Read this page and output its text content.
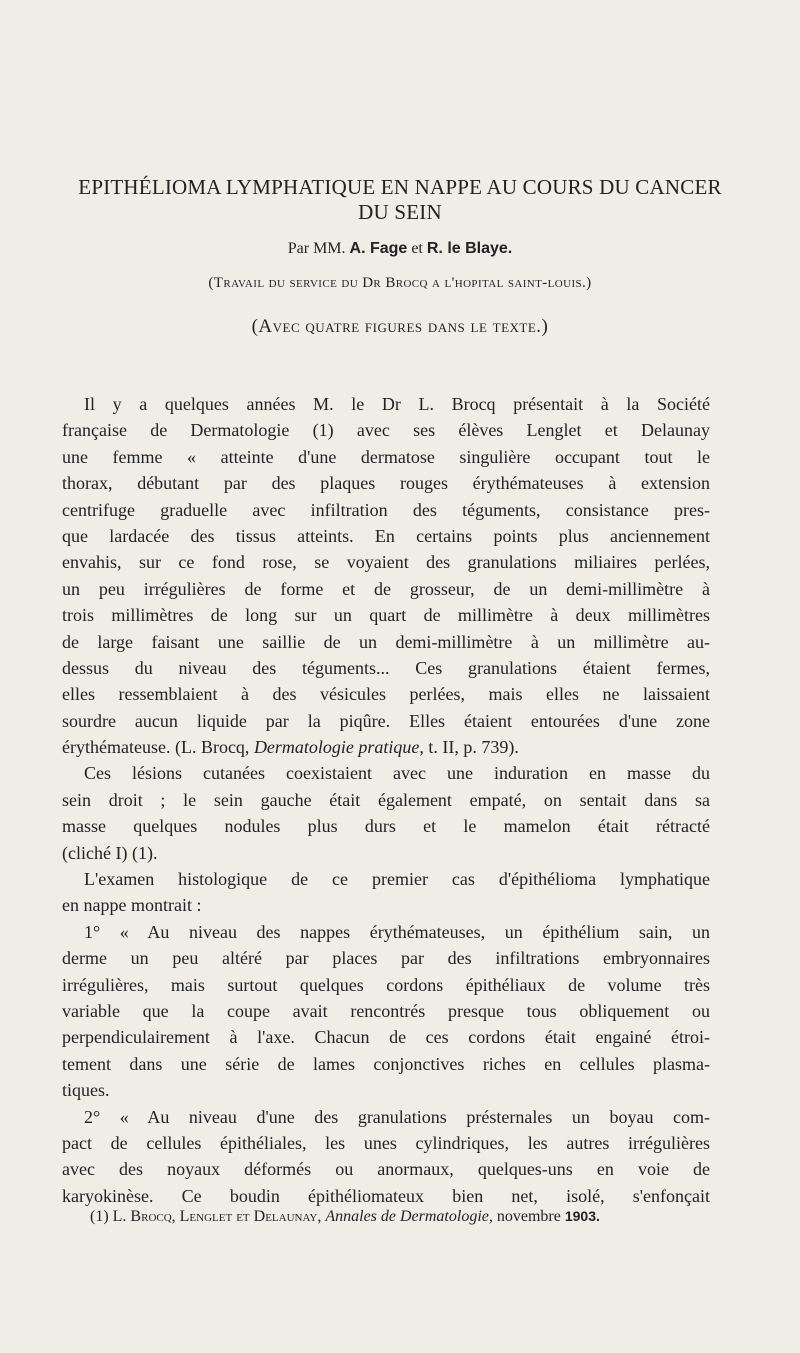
EPITHÉLIOMA LYMPHATIQUE EN NAPPE AU COURS DU CANCER
DU SEIN
Par MM. A. Fage et R. le Blaye.
(Travail du service du Dr Brocq a l'hopital saint-louis.)
(Avec quatre figures dans le texte.)
Il y a quelques années M. le Dr L. Brocq présentait à la Société
française de Dermatologie (1) avec ses élèves Lenglet et Delaunay
une femme « atteinte d'une dermatose singulière occupant tout le
thorax, débutant par des plaques rouges érythémateuses à extension
centrifuge graduelle avec infiltration des téguments, consistance pres-
que lardacée des tissus atteints. En certains points plus anciennement
envahis, sur ce fond rose, se voyaient des granulations miliaires perlées,
un peu irrégulières de forme et de grosseur, de un demi-millimètre à
trois millimètres de long sur un quart de millimètre à deux millimètres
de large faisant une saillie de un demi-millimètre à un millimètre au-
dessus du niveau des téguments... Ces granulations étaient fermes,
elles ressemblaient à des vésicules perlées, mais elles ne laissaient
sourdre aucun liquide par la piqûre. Elles étaient entourées d'une zone
érythémateuse. (L. Brocq, Dermatologie pratique, t. II, p. 739).
Ces lésions cutanées coexistaient avec une induration en masse du
sein droit ; le sein gauche était également empaté, on sentait dans sa
masse quelques nodules plus durs et le mamelon était rétracté
(cliché I) (1).
L'examen histologique de ce premier cas d'épithélioma lymphatique
en nappe montrait :
1° « Au niveau des nappes érythémateuses, un épithélium sain, un
derme un peu altéré par places par des infiltrations embryonnaires
irrégulières, mais surtout quelques cordons épithéliaux de volume très
variable que la coupe avait rencontrés presque tous obliquement ou
perpendiculairement à l'axe. Chacun de ces cordons était engainé étroi-
tement dans une série de lames conjonctives riches en cellules plasma-
tiques.
2° « Au niveau d'une des granulations présternales un boyau com-
pact de cellules épithéliales, les unes cylindriques, les autres irrégulières
avec des noyaux déformés ou anormaux, quelques-uns en voie de
karyokinèse. Ce boudin épithéliomateux bien net, isolé, s'enfonçait
(1) L. Brocq, Lenglet et Delaunay, Annales de Dermatologie, novembre 1903.
